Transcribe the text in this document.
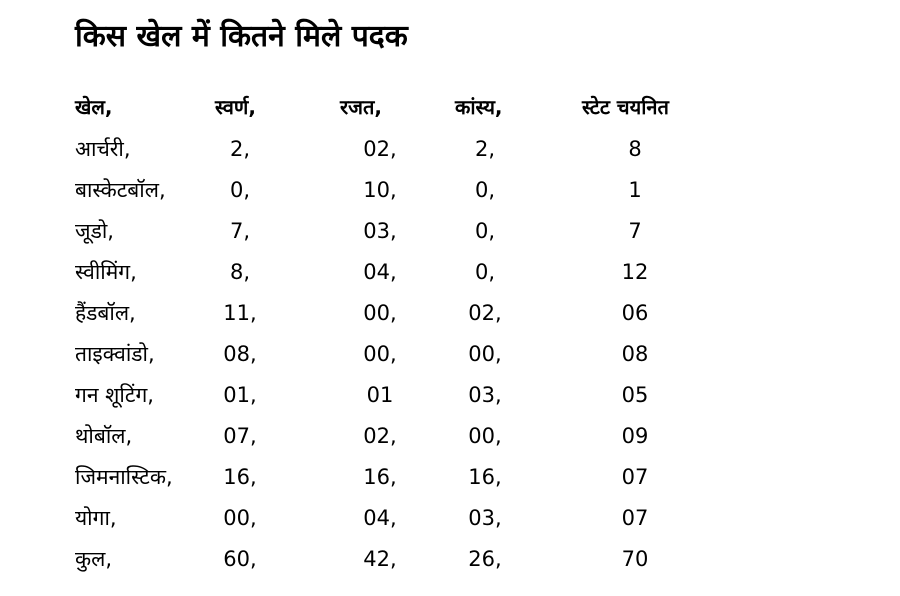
किस खेल में कितने मिले पदक
खेल,	स्वर्ण,	रजत,	कांस्य,	स्टेट चयनित
आर्चरी,	2,	02,	2,	8
बास्केटबॉल,	0,	10,	0,	1
जूडो,	7,	03,	0,	7
स्वीमिंग,	8,	04,	0,	12
हैंडबॉल,	11,	00,	02,	06
ताइक्वांडो,	08,	00,	00,	08
गन शूटिंग,	01,	01	03,	05
थोबॉल,	07,	02,	00,	09
जिमनास्टिक,	16,	16,	16,	07
योगा,	00,	04,	03,	07
कुल,	60,	42,	26,	70
